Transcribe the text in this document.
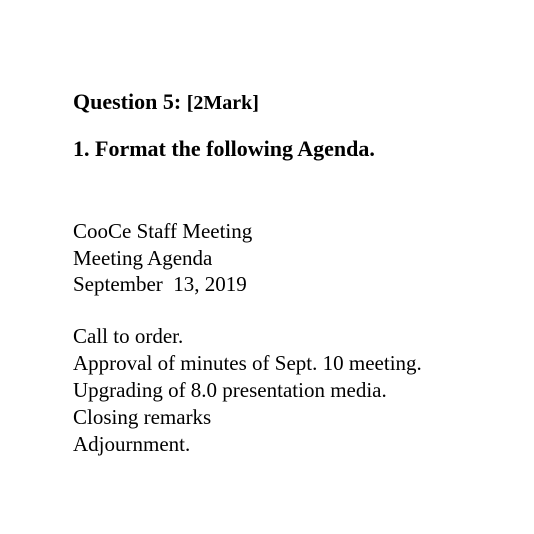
Question 5: [2Mark]
1. Format the following Agenda.
CooCe Staff Meeting
Meeting Agenda
September  13, 2019
Call to order.
Approval of minutes of Sept. 10 meeting.
Upgrading of 8.0 presentation media.
Closing remarks
Adjournment.
